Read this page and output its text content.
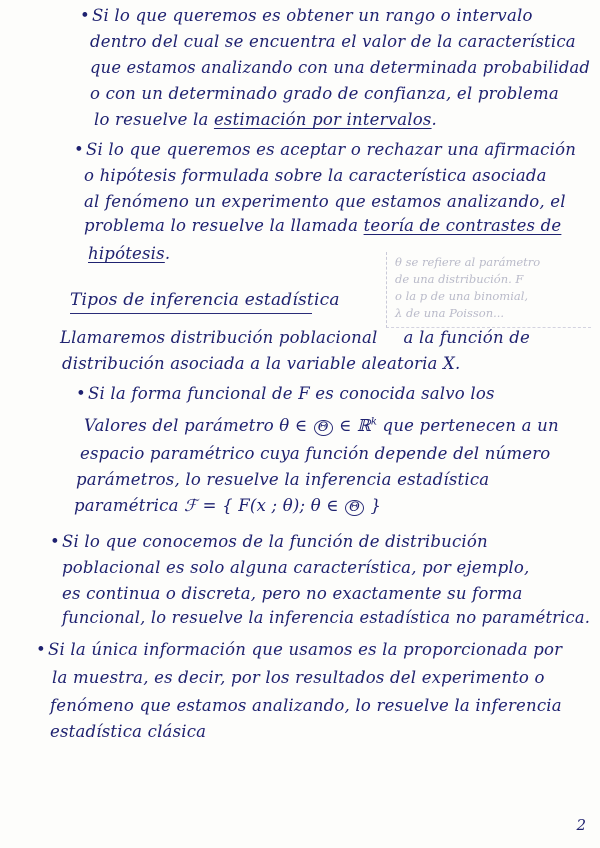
• Si lo que queremos es obtener un rango o intervalo
dentro del cual se encuentra el valor de la característica
que estamos analizando con una determinada probabilidad
o con un determinado grado de confianza, el problema
lo resuelve la estimación por intervalos.
• Si lo que queremos es aceptar o rechazar una afirmación
o hipótesis formulada sobre la característica asociada
al fenómeno un experimento que estamos analizando, el
problema lo resuelve la llamada teoría de contrastes de
hipótesis.	θ se refiere al parámetro
de una distribución. F
o la p de una binomial,
λ de una Poisson...
Tipos de inferencia estadística
Llamaremos distribución poblacional a la función de
distribución asociada a la variable aleatoria X.
• Si la forma funcional de F es conocida salvo los
Valores del parámetro θ ∈ Θ ∈ ℝ$^k$ que pertenecen a un
espacio paramétrico cuya función depende del número
parámetros, lo resuelve la inferencia estadística
paramétrica ℱ = { F(x ; θ); θ ∈ Θ }
• Si lo que conocemos de la función de distribución
poblacional es solo alguna característica, por ejemplo,
es continua o discreta, pero no exactamente su forma
funcional, lo resuelve la inferencia estadística no paramétrica.
• Si la única información que usamos es la proporcionada por
la muestra, es decir, por los resultados del experimento o
fenómeno que estamos analizando, lo resuelve la inferencia
estadística clásica
2
